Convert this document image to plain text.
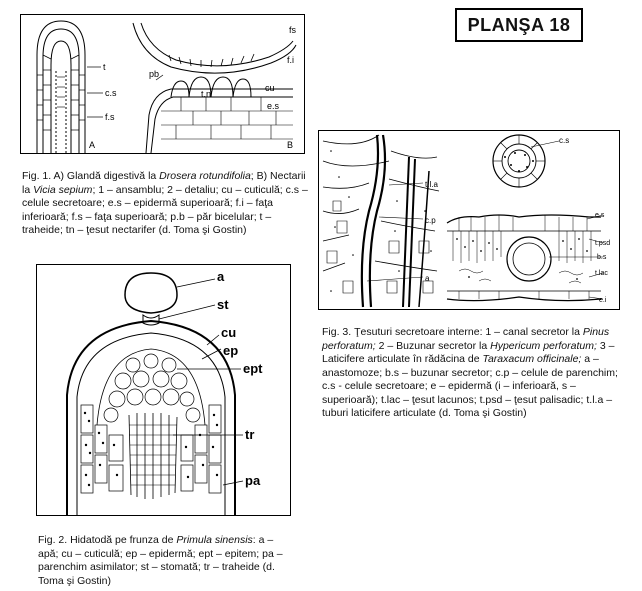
PLANŞA 18
t
c.s
f.s
A
pb
fs
f.i
t.n
cu
e.s
B
Fig. 1. A) Glandă digestivă la Drosera rotundifolia; B) Nectarii la Vicia sepium; 1 – ansamblu; 2 – detaliu; cu – cuticulă; c.s – celule secretoare; e.s – epidermă superioară; f.i – faţa inferioară; f.s – faţa superioară; p.b – păr bicelular; t – traheide; tn – ţesut nectarifer (d. Toma şi Gostin)
a
st
cu
ep
ept
tr
pa
Fig. 2. Hidatodă pe frunza de Primula sinensis: a – apă; cu – cuticulă; ep – epidermă; ept – epitem; pa – parenchim asimilator; st – stomată; tr – traheide (d. Toma şi Gostin)
t.l.a
c.p
a
c.s
e.s
t.psd
b.s
t.lac
e.i
Fig. 3. Ţesuturi secretoare interne: 1 – canal secretor la Pinus perforatum; 2 – Buzunar secretor la Hypericum perforatum; 3 – Laticifere articulate în rădăcina de Taraxacum officinale; a – anastomoze; b.s – buzunar secretor; c.p – celule de parenchim; c.s - celule secretoare; e – epidermă (i – inferioară, s – superioară); t.lac – ţesut lacunos; t.psd – ţesut palisadic; t.l.a – tuburi laticifere articulate (d. Toma şi Gostin)
